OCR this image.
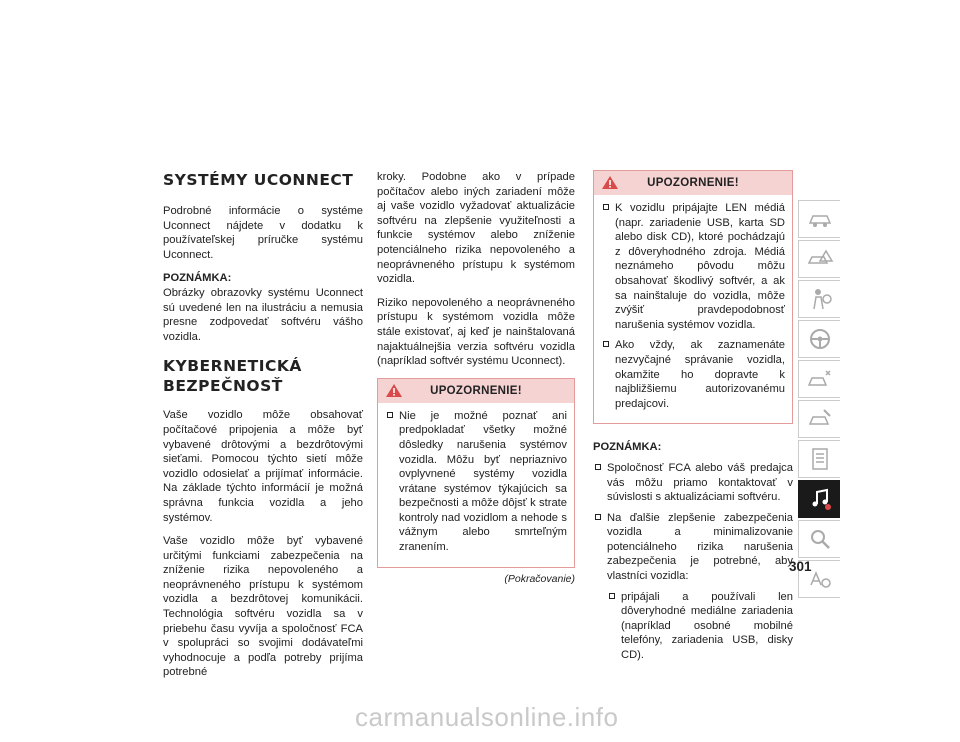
SYSTÉMY UCONNECT

Podrobné informácie o systéme Uconnect nájdete v dodatku k používateľskej príručke systému Uconnect.

POZNÁMKA:
Obrázky obrazovky systému Uconnect sú uvedené len na ilustráciu a nemusia presne zodpovedať softvéru vášho vozidla.

KYBERNETICKÁ
BEZPEČNOSŤ

Vaše vozidlo môže obsahovať počítačové pripojenia a môže byť vybavené drôtovými a bezdrôtovými sieťami. Pomocou týchto sietí môže vozidlo odosielať a prijímať informácie. Na základe týchto informácií je možná správna funkcia vozidla a jeho systémov.

Vaše vozidlo môže byť vybavené určitými funkciami zabezpečenia na zníženie rizika nepovoleného a neoprávneného prístupu k systémom vozidla a bezdrôtovej komunikácii. Technológia softvéru vozidla sa v priebehu času vyvíja a spoločnosť FCA v spolupráci so svojimi dodávateľmi vyhodnocuje a podľa potreby prijíma potrebné

kroky. Podobne ako v prípade počítačov alebo iných zariadení môže aj vaše vozidlo vyžadovať aktualizácie softvéru na zlepšenie využiteľnosti a funkcie systémov alebo zníženie potenciálneho rizika nepovoleného a neoprávneného prístupu k systémom vozidla.

Riziko nepovoleného a neoprávneného prístupu k systémom vozidla môže stále existovať, aj keď je nainštalovaná najaktuálnejšia verzia softvéru vozidla (napríklad softvér systému Uconnect).

UPOZORNENIE!
Nie je možné poznať ani predpokladať všetky možné dôsledky narušenia systémov vozidla. Môžu byť nepriaznivo ovplyvnené systémy vozidla vrátane systémov týkajúcich sa bezpečnosti a môže dôjsť k strate kontroly nad vozidlom a nehode s vážnym alebo smrteľným zranením.
(Pokračovanie)
UPOZORNENIE!
K vozidlu pripájajte LEN médiá (napr. zariadenie USB, karta SD alebo disk CD), ktoré pochádzajú z dôveryhodného zdroja. Médiá neznámeho pôvodu môžu obsahovať škodlivý softvér, a ak sa nainštaluje do vozidla, môže zvýšiť pravdepodobnosť narušenia systémov vozidla.
Ako vždy, ak zaznamenáte nezvyčajné správanie vozidla, okamžite ho dopravte k najbližšiemu autorizovanému predajcovi.
POZNÁMKA:
Spoločnosť FCA alebo váš predajca vás môžu priamo kontaktovať v súvislosti s aktualizáciami softvéru.
Na ďalšie zlepšenie zabezpečenia vozidla a minimalizovanie potenciálneho rizika narušenia zabezpečenia je potrebné, aby vlastníci vozidla:
pripájali a používali len dôveryhodné mediálne zariadenia (napríklad osobné mobilné telefóny, zariadenia USB, disky CD).
301
carmanualsonline.info
